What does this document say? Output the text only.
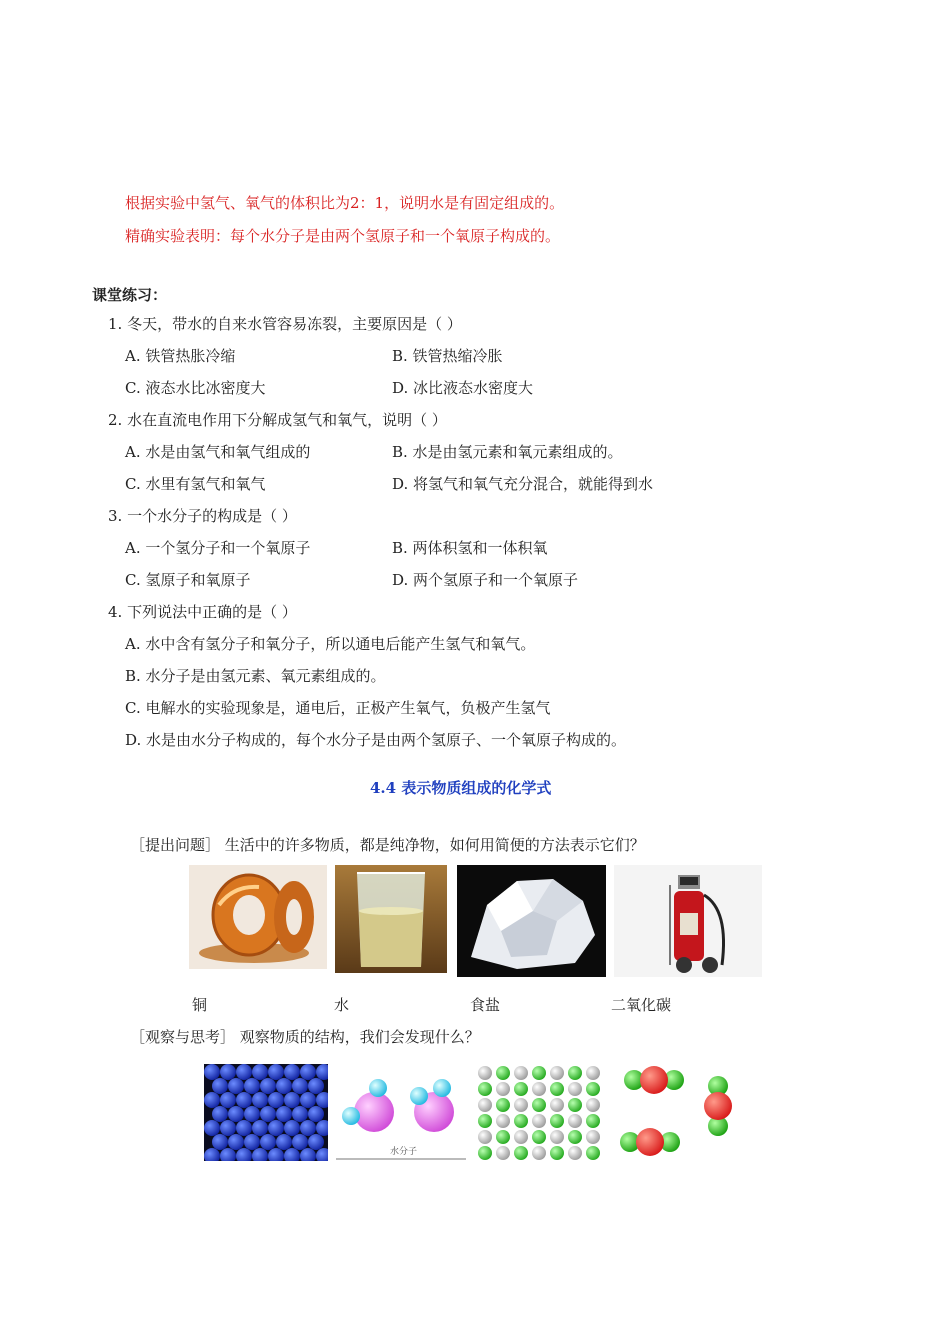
根据实验中氢气、氧气的体积比为2：1，说明水是有固定组成的。
精确实验表明：每个水分子是由两个氢原子和一个氧原子构成的。
课堂练习：
1. 冬天，带水的自来水管容易冻裂，主要原因是（ ）
A. 铁管热胀冷缩	B. 铁管热缩冷胀
C. 液态水比冰密度大	D. 冰比液态水密度大
2. 水在直流电作用下分解成氢气和氧气，说明（ ）
A. 水是由氢气和氧气组成的	B. 水是由氢元素和氧元素组成的。
C. 水里有氢气和氧气	D. 将氢气和氧气充分混合，就能得到水
3. 一个水分子的构成是（ ）
A. 一个氢分子和一个氧原子	B. 两体积氢和一体积氧
C. 氢原子和氧原子	D. 两个氢原子和一个氧原子
4. 下列说法中正确的是（ ）
A. 水中含有氢分子和氧分子，所以通电后能产生氢气和氧气。
B. 水分子是由氢元素、氧元素组成的。
C. 电解水的实验现象是，通电后，正极产生氧气，负极产生氢气
D. 水是由水分子构成的，每个水分子是由两个氢原子、一个氧原子构成的。
4.4 表示物质组成的化学式
［提出问题］ 生活中的许多物质，都是纯净物，如何用简便的方法表示它们？
铜	水	食盐	二氧化碳
［观察与思考］ 观察物质的结构，我们会发现什么？
水分子
